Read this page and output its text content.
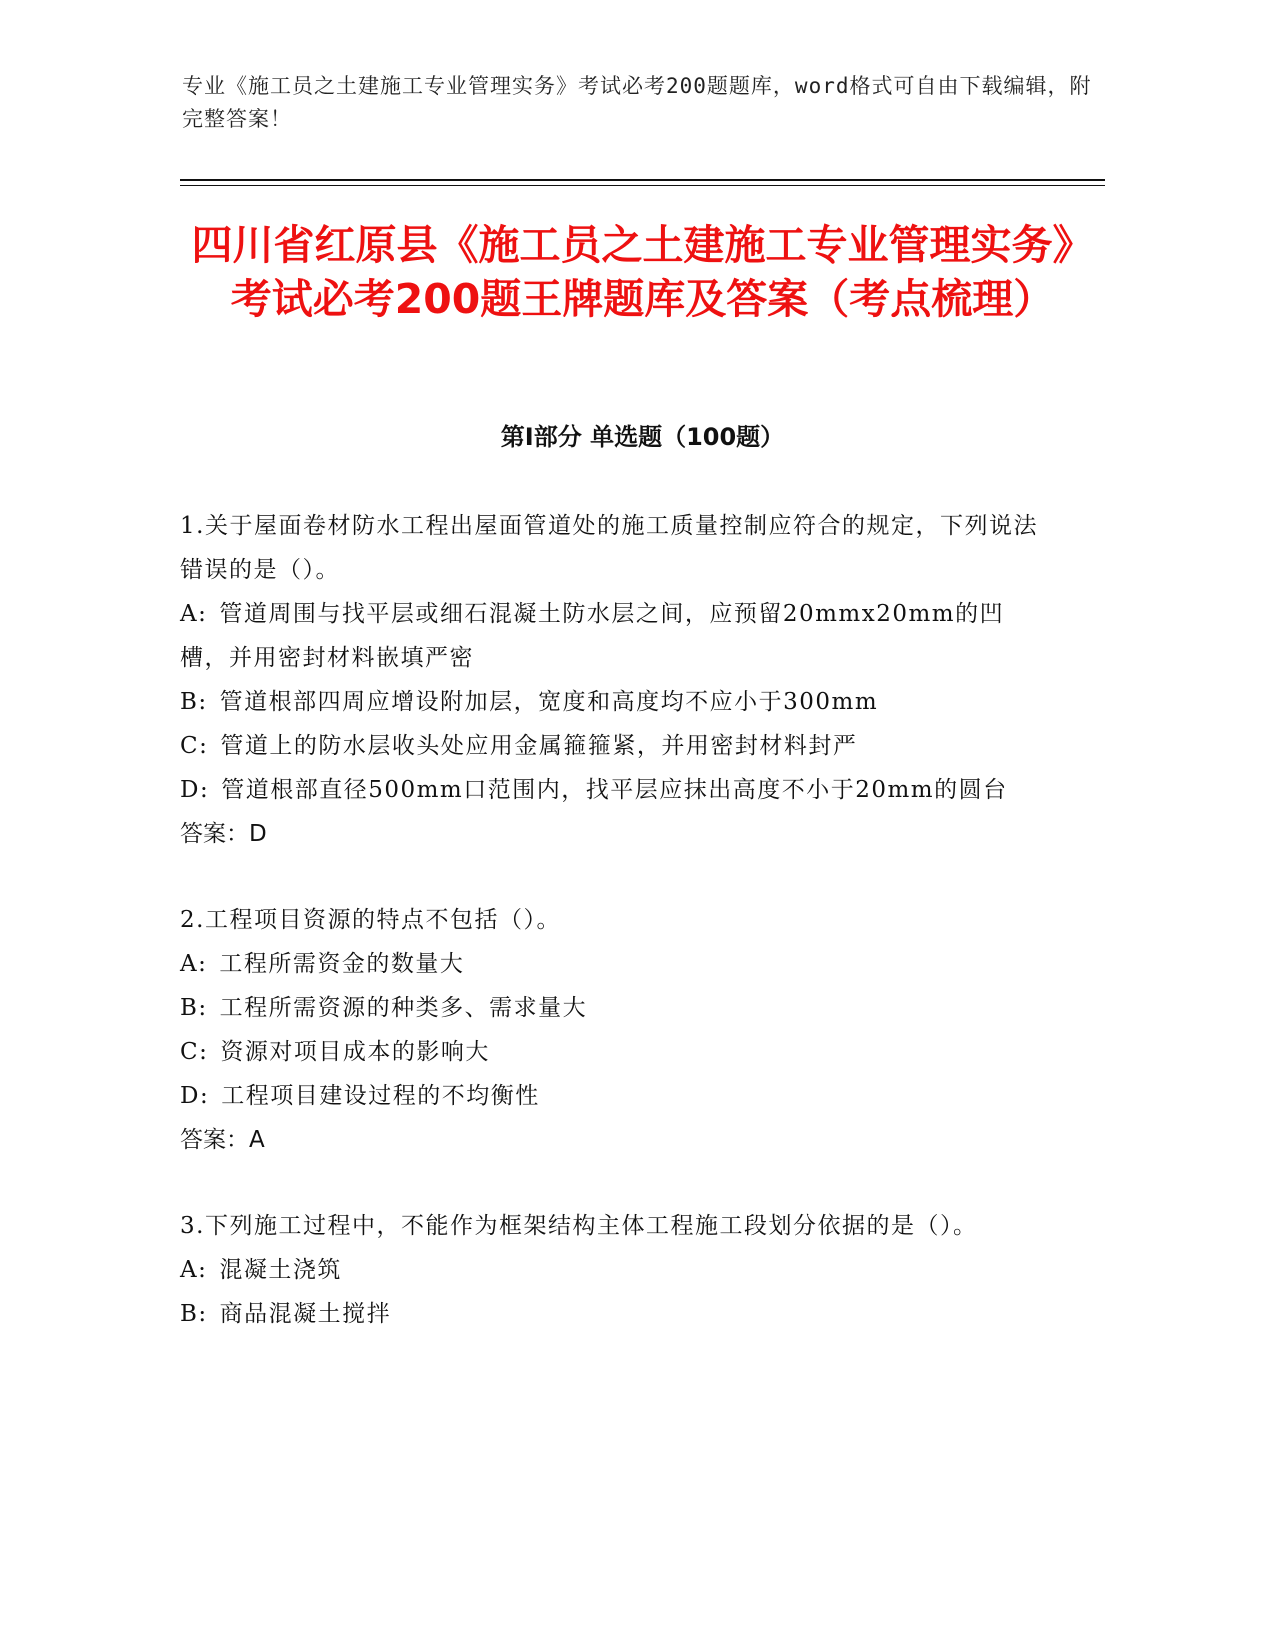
专业《施工员之土建施工专业管理实务》考试必考200题题库，word格式可自由下载编辑，附完整答案！
四川省红原县《施工员之土建施工专业管理实务》考试必考200题王牌题库及答案（考点梳理）
第I部分 单选题（100题）

1.关于屋面卷材防水工程出屋面管道处的施工质量控制应符合的规定，下列说法错误的是（）。

A: 管道周围与找平层或细石混凝土防水层之间，应预留20mmx20mm的凹槽，并用密封材料嵌填严密

B: 管道根部四周应增设附加层，宽度和高度均不应小于300mm

C: 管道上的防水层收头处应用金属箍箍紧，并用密封材料封严

D: 管道根部直径500mm口范围内，找平层应抹出高度不小于20mm的圆台

答案：D

2.工程项目资源的特点不包括（）。

A: 工程所需资金的数量大

B: 工程所需资源的种类多、需求量大

C: 资源对项目成本的影响大

D: 工程项目建设过程的不均衡性

答案：A

3.下列施工过程中，不能作为框架结构主体工程施工段划分依据的是（）。

A: 混凝土浇筑

B: 商品混凝土搅拌
